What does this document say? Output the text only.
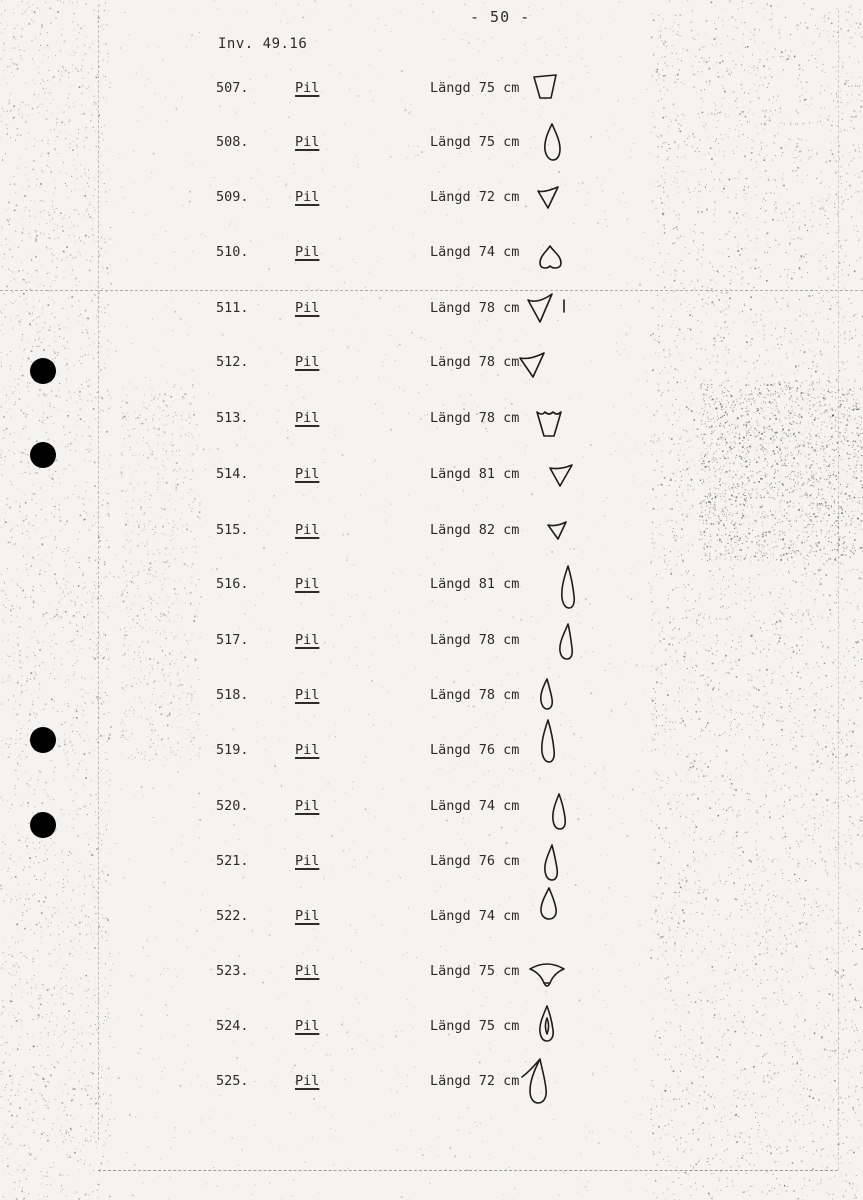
- 50 -
Inv. 49.16
507.	Pil	Längd 75 cm
508.	Pil	Längd 75 cm
509.	Pil	Längd 72 cm
510.	Pil	Längd 74 cm
511.	Pil	Längd 78 cm
512.	Pil	Längd 78 cm
513.	Pil	Längd 78 cm
514.	Pil	Längd 81 cm
515.	Pil	Längd 82 cm
516.	Pil	Längd 81 cm
517.	Pil	Längd 78 cm
518.	Pil	Längd 78 cm
519.	Pil	Längd 76 cm
520.	Pil	Längd 74 cm
521.	Pil	Längd 76 cm
522.	Pil	Längd 74 cm
523.	Pil	Längd 75 cm
524.	Pil	Längd 75 cm
525.	Pil	Längd 72 cm
